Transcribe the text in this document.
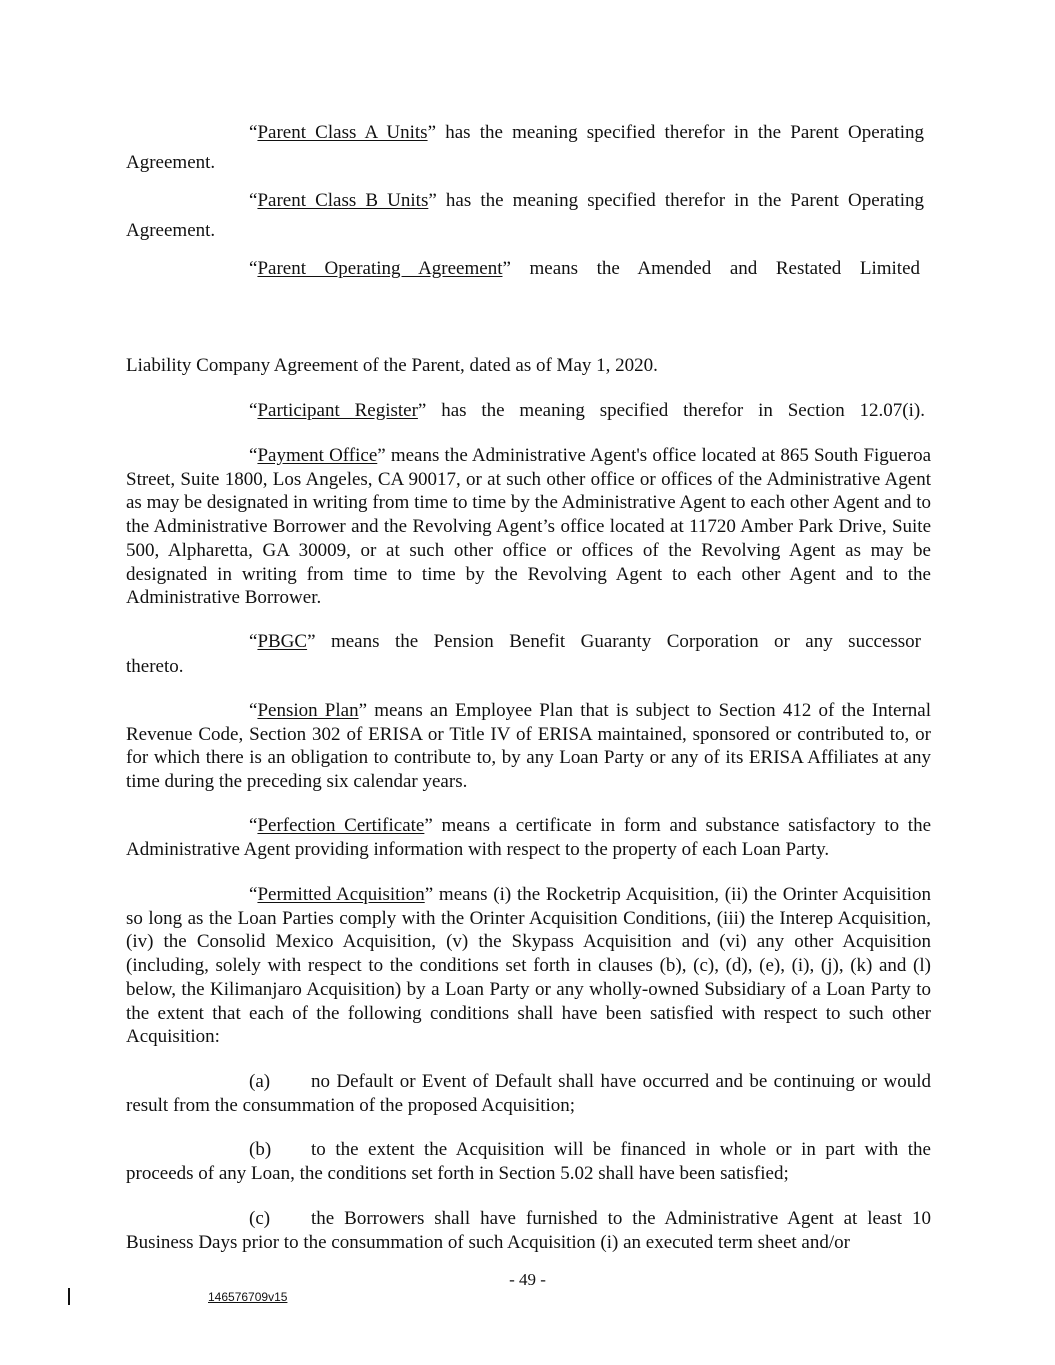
“Parent Class A Units” has the meaning specified therefor in the Parent Operating
Agreement.
“Parent Class B Units” has the meaning specified therefor in the Parent Operating
Agreement.
“Parent Operating Agreement” means the Amended and Restated Limited
Liability Company Agreement of the Parent, dated as of May 1, 2020.
“Participant Register” has the meaning specified therefor in Section 12.07(i).
“Payment Office” means the Administrative Agent's office located at 865 South Figueroa Street, Suite 1800, Los Angeles, CA 90017, or at such other office or offices of the Administrative Agent as may be designated in writing from time to time by the Administrative Agent to each other Agent and to the Administrative Borrower and the Revolving Agent’s office located at 11720 Amber Park Drive, Suite 500, Alpharetta, GA 30009, or at such other office or offices of the Revolving Agent as may be designated in writing from time to time by the Revolving Agent to each other Agent and to the Administrative Borrower.
“PBGC” means the Pension Benefit Guaranty Corporation or any successor
thereto.
“Pension Plan” means an Employee Plan that is subject to Section 412 of the Internal Revenue Code, Section 302 of ERISA or Title IV of ERISA maintained, sponsored or contributed to, or for which there is an obligation to contribute to, by any Loan Party or any of its ERISA Affiliates at any time during the preceding six calendar years.
“Perfection Certificate” means a certificate in form and substance satisfactory to the Administrative Agent providing information with respect to the property of each Loan Party.
“Permitted Acquisition” means (i) the Rocketrip Acquisition, (ii) the Orinter Acquisition so long as the Loan Parties comply with the Orinter Acquisition Conditions, (iii) the Interep Acquisition, (iv) the Consolid Mexico Acquisition, (v) the Skypass Acquisition and (vi) any other Acquisition (including, solely with respect to the conditions set forth in clauses (b), (c), (d), (e), (i), (j), (k) and (l) below, the Kilimanjaro Acquisition) by a Loan Party or any wholly-owned Subsidiary of a Loan Party to the extent that each of the following conditions shall have been satisfied with respect to such other Acquisition:
(a) no Default or Event of Default shall have occurred and be continuing or would result from the consummation of the proposed Acquisition;
(b) to the extent the Acquisition will be financed in whole or in part with the proceeds of any Loan, the conditions set forth in Section 5.02 shall have been satisfied;
(c) the Borrowers shall have furnished to the Administrative Agent at least 10 Business Days prior to the consummation of such Acquisition (i) an executed term sheet and/or
- 49 -
146576709v15
